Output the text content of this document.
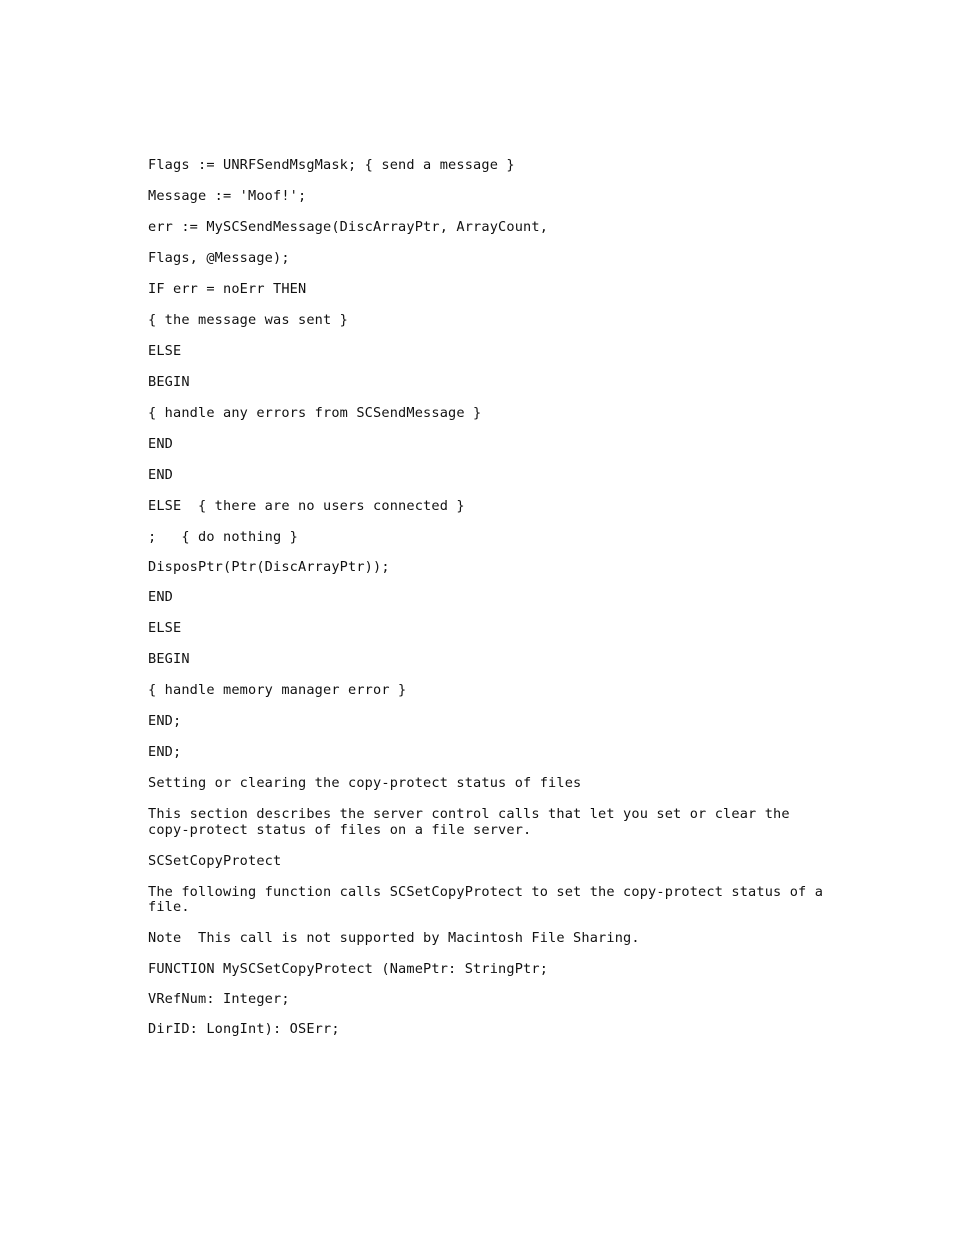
Flags := UNRFSendMsgMask; { send a message }
Message := 'Moof!';
err := MySCSendMessage(DiscArrayPtr, ArrayCount,
Flags, @Message);
IF err = noErr THEN
{ the message was sent }
ELSE
BEGIN
{ handle any errors from SCSendMessage }
END
END
ELSE  { there are no users connected }
;   { do nothing }
DisposPtr(Ptr(DiscArrayPtr));
END
ELSE
BEGIN
{ handle memory manager error }
END;
END;
Setting or clearing the copy-protect status of files
This section describes the server control calls that let you set or clear the copy-protect status of files on a file server.
SCSetCopyProtect
The following function calls SCSetCopyProtect to set the copy-protect status of a file.
Note  This call is not supported by Macintosh File Sharing.
FUNCTION MySCSetCopyProtect (NamePtr: StringPtr;
VRefNum: Integer;
DirID: LongInt): OSErr;
